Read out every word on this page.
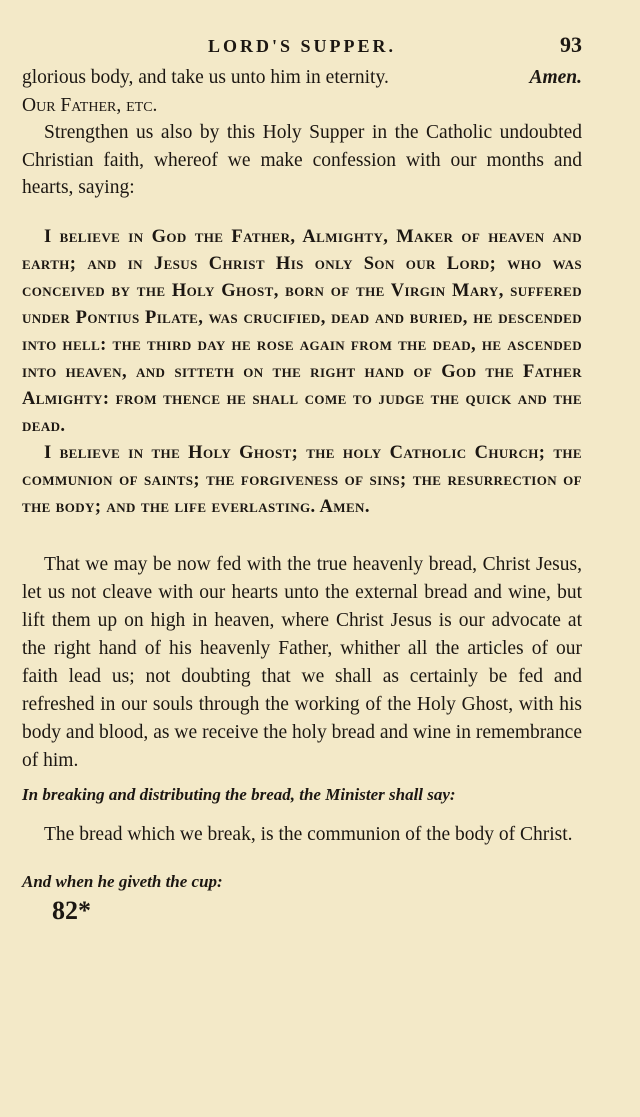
LORD'S SUPPER.	93

glorious body, and take us unto him in eternity.	Amen.

Our Father, etc.

Strengthen us also by this Holy Supper in the Catholic undoubted Christian faith, whereof we make confession with our months and hearts, saying:

I believe in God the Father, Almighty, Maker of heaven and earth; and in Jesus Christ His only Son our Lord; who was conceived by the Holy Ghost, born of the Virgin Mary, suffered under Pontius Pilate, was crucified, dead and buried, he descended into hell: the third day he rose again from the dead, he ascended into heaven, and sitteth on the right hand of God the Father Almighty: from thence he shall come to judge the quick and the dead.

I believe in the Holy Ghost; the holy Catholic Church; the communion of saints; the forgiveness of sins; the resurrection of the body; and the life everlasting. Amen.

That we may be now fed with the true heavenly bread, Christ Jesus, let us not cleave with our hearts unto the external bread and wine, but lift them up on high in heaven, where Christ Jesus is our advocate at the right hand of his heavenly Father, whither all the articles of our faith lead us; not doubting that we shall as certainly be fed and refreshed in our souls through the working of the Holy Ghost, with his body and blood, as we receive the holy bread and wine in remembrance of him.

In breaking and distributing the bread, the Minister shall say:

The bread which we break, is the communion of the body of Christ.

And when he giveth the cup:

82*
